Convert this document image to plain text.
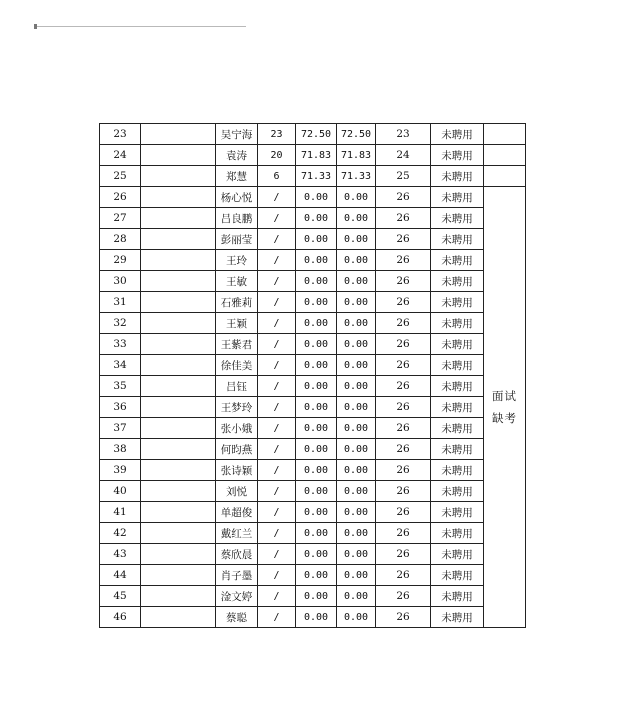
23		吴宁海	23	72.50	72.50	23	未聘用	
24		袁涛	20	71.83	71.83	24	未聘用	
25		郑慧	6	71.33	71.33	25	未聘用	
26		杨心悦	/	0.00	0.00	26	未聘用	面试缺考
27		吕良鹏	/	0.00	0.00	26	未聘用	
28		彭丽莹	/	0.00	0.00	26	未聘用	
29		王玲	/	0.00	0.00	26	未聘用	
30		王敏	/	0.00	0.00	26	未聘用	
31		石雅莉	/	0.00	0.00	26	未聘用	
32		王颖	/	0.00	0.00	26	未聘用	
33		王紫君	/	0.00	0.00	26	未聘用	
34		徐佳美	/	0.00	0.00	26	未聘用	
35		吕钰	/	0.00	0.00	26	未聘用	
36		王梦玲	/	0.00	0.00	26	未聘用	
37		张小娥	/	0.00	0.00	26	未聘用	
38		何昀燕	/	0.00	0.00	26	未聘用	
39		张诗颖	/	0.00	0.00	26	未聘用	
40		刘悦	/	0.00	0.00	26	未聘用	
41		单超俊	/	0.00	0.00	26	未聘用	
42		戴红兰	/	0.00	0.00	26	未聘用	
43		蔡欣晨	/	0.00	0.00	26	未聘用	
44		肖子墨	/	0.00	0.00	26	未聘用	
45		淦文婷	/	0.00	0.00	26	未聘用	
46		蔡聪	/	0.00	0.00	26	未聘用	
